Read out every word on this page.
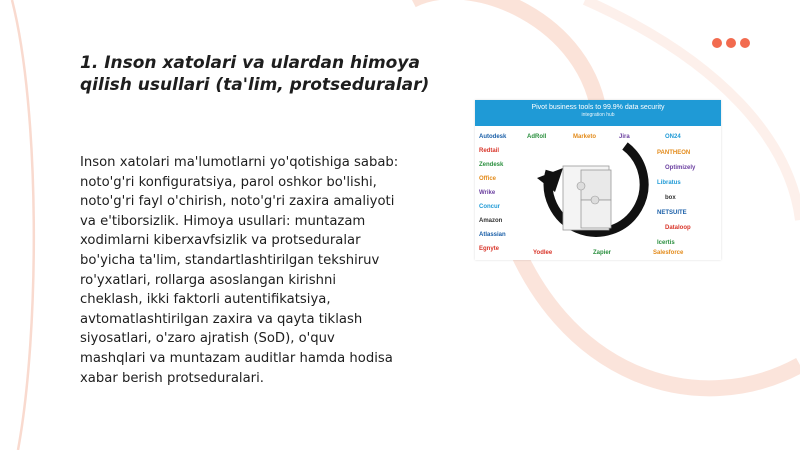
1. Inson xatolari va ulardan himoya qilish usullari (ta'lim, protseduralar)
Inson xatolari ma'lumotlarni yo'qotishiga sabab: noto'g'ri konfiguratsiya, parol oshkor bo'lishi, noto'g'ri fayl o'chirish, noto'g'ri zaxira amaliyoti va e'tiborsizlik. Himoya usullari: muntazam xodimlarni kiberxavfsizlik va protseduralar bo'yicha ta'lim, standartlashtirilgan tekshiruv ro'yxatlari, rollarga asoslangan kirishni cheklash, ikki faktorli autentifikatsiya, avtomatlashtirilgan zaxira va qayta tiklash siyosatlari, o'zaro ajratish (SoD), o'quv mashqlari va muntazam auditlar hamda hodisa xabar berish protseduralari.
Pivot business tools to 99.9% data security
integration hub
Autodesk
Redtail
Zendesk
Office
Wrike
Concur
Amazon
Atlassian
Egnyte
AdRoll	Marketo	Jira	ON24
PANTHEON
Optimizely
Libratus
box
NETSUITE
Dataloop
Icertis
Yodlee	Zapier	Salesforce
